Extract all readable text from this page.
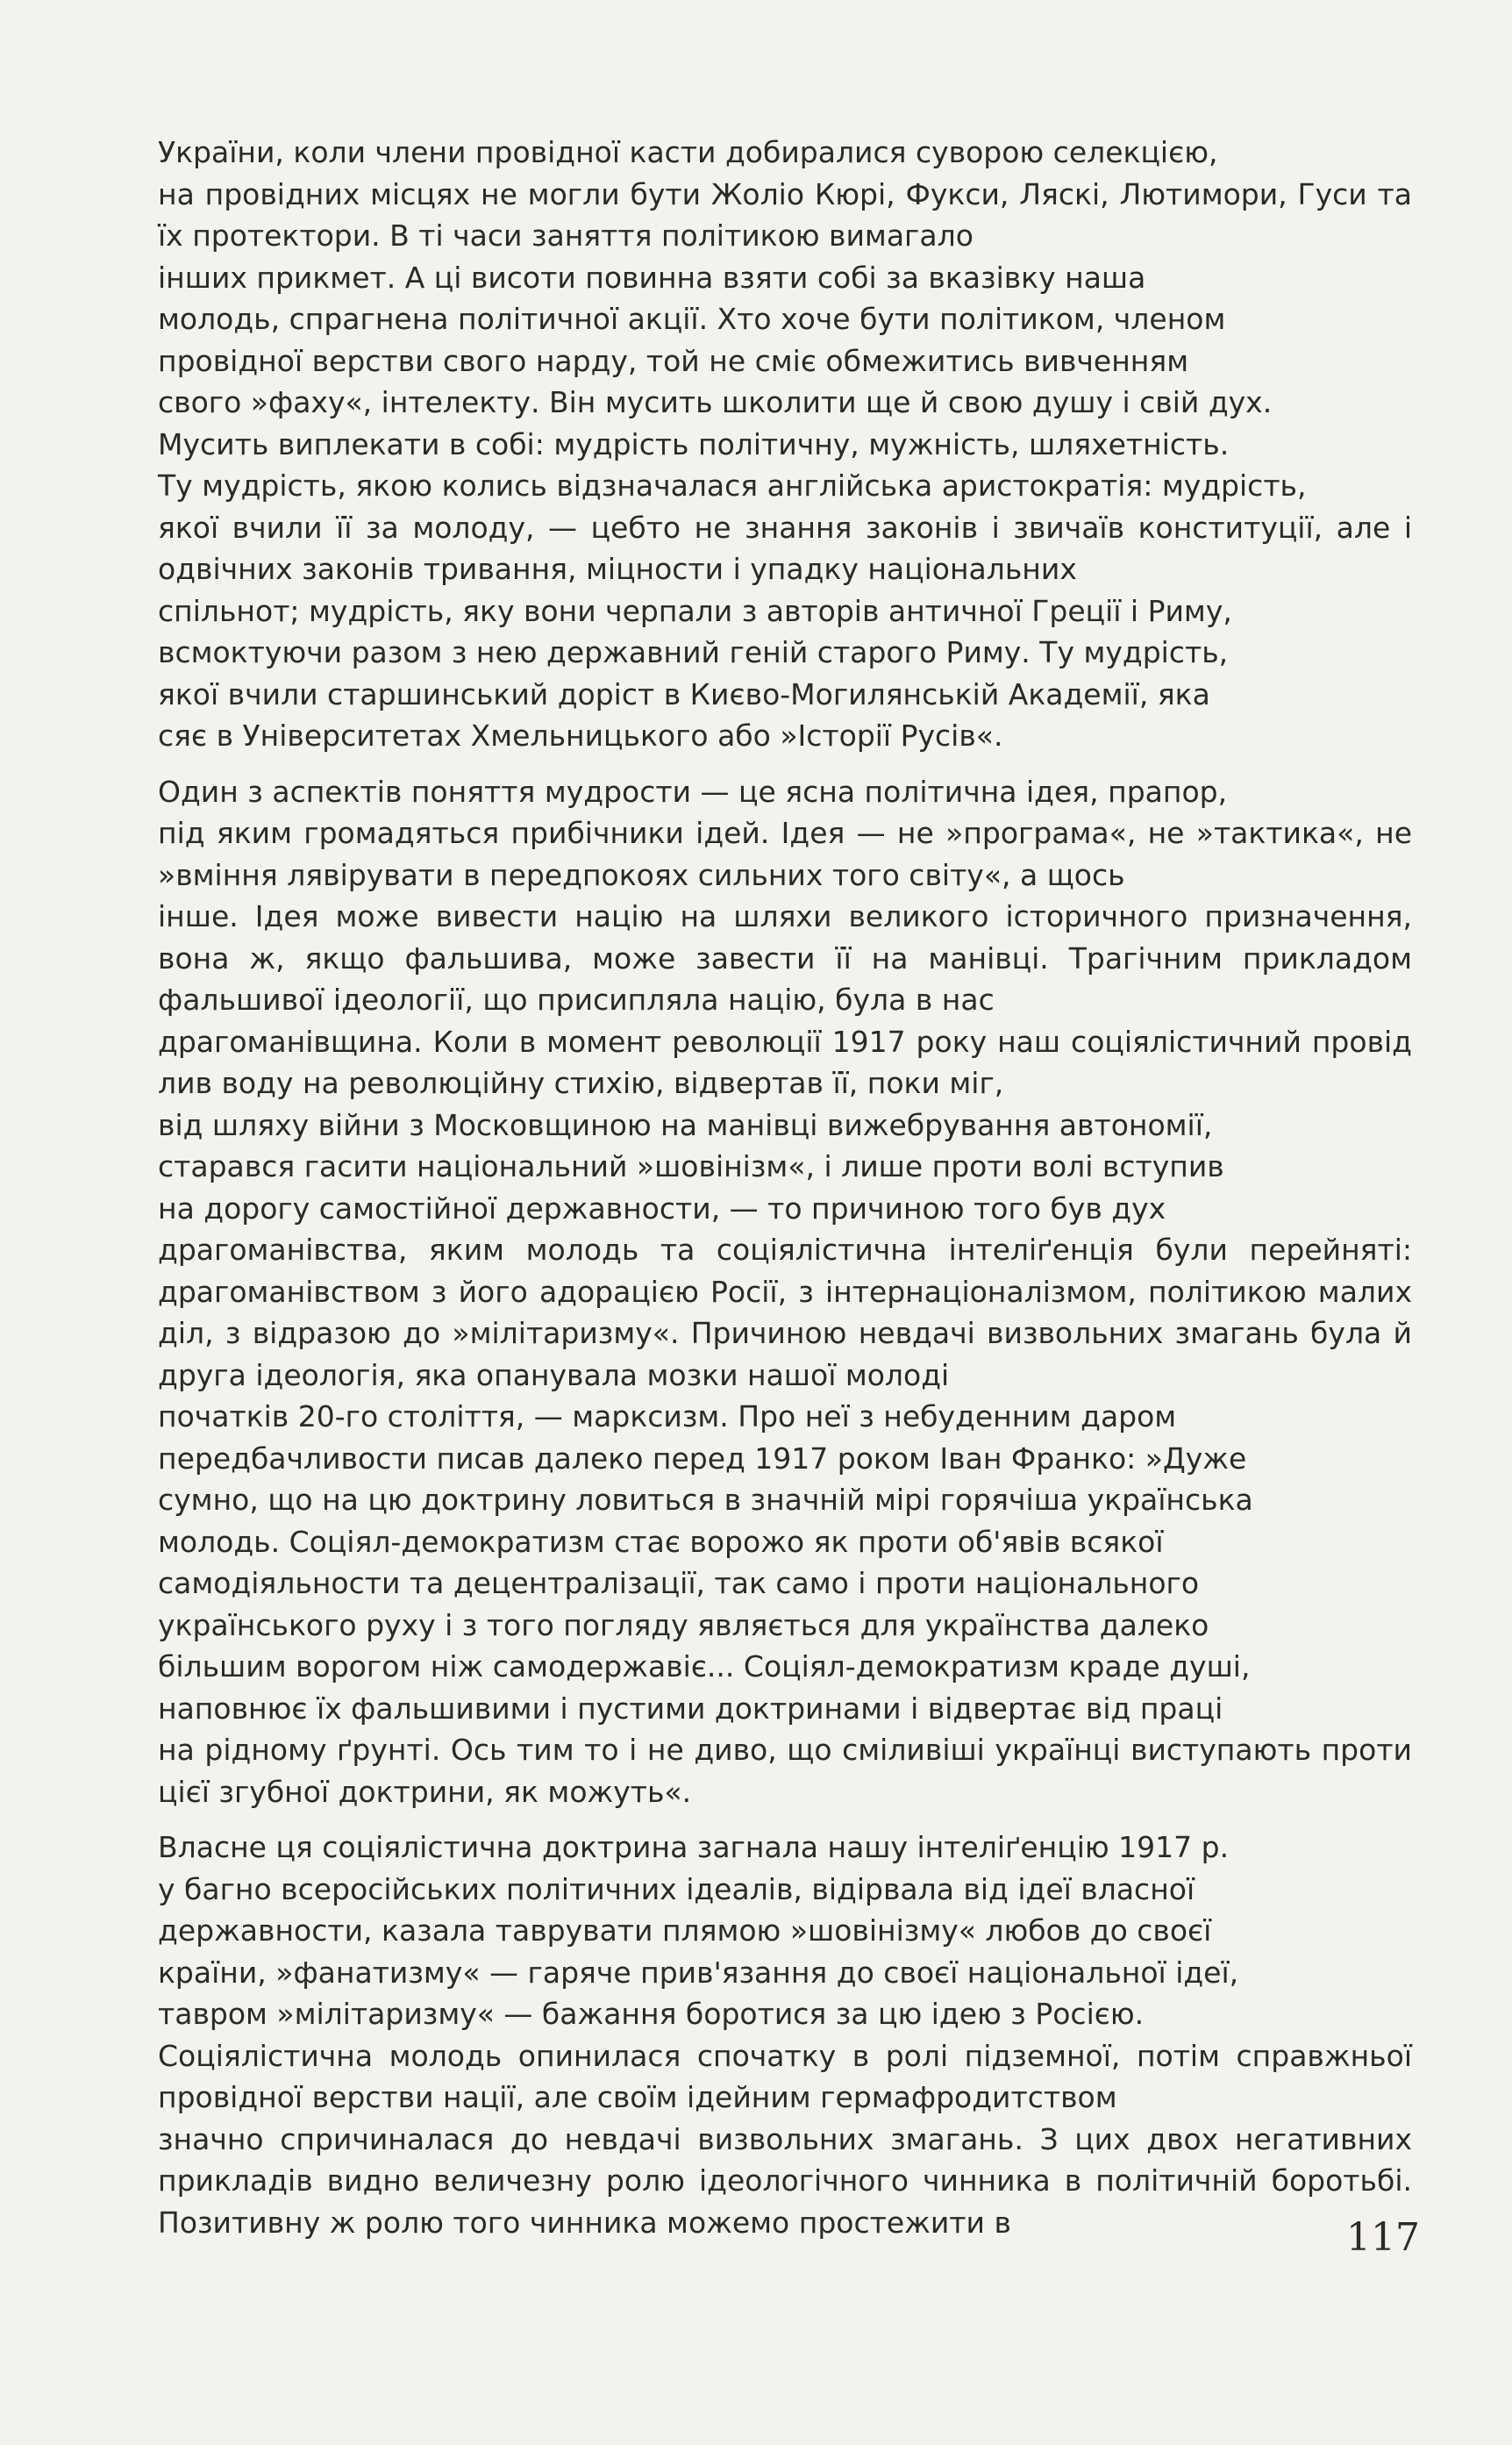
України, коли члени провідної касти добиралися суворою селекцією,
на провідних місцях не могли бути Жоліо Кюрі, Фукси, Ляскі, Лютимори, Гуси та їх протектори. В ті часи заняття політикою вимагало
інших прикмет. А ці висоти повинна взяти собі за вказівку наша
молодь, спрагнена політичної акції. Хто хоче бути політиком, членом
провідної верстви свого нарду, той не сміє обмежитись вивченням
свого »фаху«, інтелекту. Він мусить школити ще й свою душу і свій дух.
Мусить виплекати в собі: мудрість політичну, мужність, шляхетність.
Ту мудрість, якою колись відзначалася англійська аристократія: мудрість,
якої вчили її за молоду, — цебто не знання законів і звичаїв конституції, але і одвічних законів тривання, міцности і упадку національних
спільнот; мудрість, яку вони черпали з авторів античної Греції і Риму,
всмоктуючи разом з нею державний геній старого Риму. Ту мудрість,
якої вчили старшинський доріст в Києво-Могилянській Академії, яка
сяє в Університетах Хмельницького або »Історії Русів«.

Один з аспектів поняття мудрости — це ясна політична ідея, прапор,
під яким громадяться прибічники ідей. Ідея — не »програма«, не »тактика«, не »вміння лявірувати в передпокоях сильних того світу«, а щось
інше. Ідея може вивести націю на шляхи великого історичного призначення, вона ж, якщо фальшива, може завести її на манівці. Трагічним прикладом фальшивої ідеології, що присипляла націю, була в нас
драгоманівщина. Коли в момент революції 1917 року наш соціялістичний провід лив воду на революційну стихію, відвертав її, поки міг,
від шляху війни з Московщиною на манівці вижебрування автономії,
старався гасити національний »шовінізм«, і лише проти волі вступив
на дорогу самостійної державности, — то причиною того був дух
драгоманівства, яким молодь та соціялістична інтеліґенція були перейняті: драгоманівством з його адорацією Росії, з інтернаціоналізмом, політикою малих діл, з відразою до »мілітаризму«. Причиною невдачі визвольних змагань була й друга ідеологія, яка опанувала мозки нашої молоді
початків 20-го століття, — марксизм. Про неї з небуденним даром
передбачливости писав далеко перед 1917 роком Іван Франко: »Дуже
сумно, що на цю доктрину ловиться в значній мірі горячіша українська
молодь. Соціял-демократизм стає ворожо як проти об'явів всякої
самодіяльности та децентралізації, так само і проти національного
українського руху і з того погляду являється для українства далеко
більшим ворогом ніж самодержавіє... Соціял-демократизм краде душі,
наповнює їх фальшивими і пустими доктринами і відвертає від праці
на рідному ґрунті. Ось тим то і не диво, що сміливіші українці виступають проти цієї згубної доктрини, як можуть«.

Власне ця соціялістична доктрина загнала нашу інтеліґенцію 1917 р.
у багно всеросійських політичних ідеалів, відірвала від ідеї власної
державности, казала таврувати плямою »шовінізму« любов до своєї
країни, »фанатизму« — гаряче прив'язання до своєї національної ідеї,
тавром »мілітаризму« — бажання боротися за цю ідею з Росією.
Соціялістична молодь опинилася спочатку в ролі підземної, потім справжньої провідної верстви нації, але своїм ідейним гермафродитством
значно спричиналася до невдачі визвольних змагань. З цих двох негативних прикладів видно величезну ролю ідеологічного чинника в політичній боротьбі. Позитивну ж ролю того чинника можемо простежити в	117
